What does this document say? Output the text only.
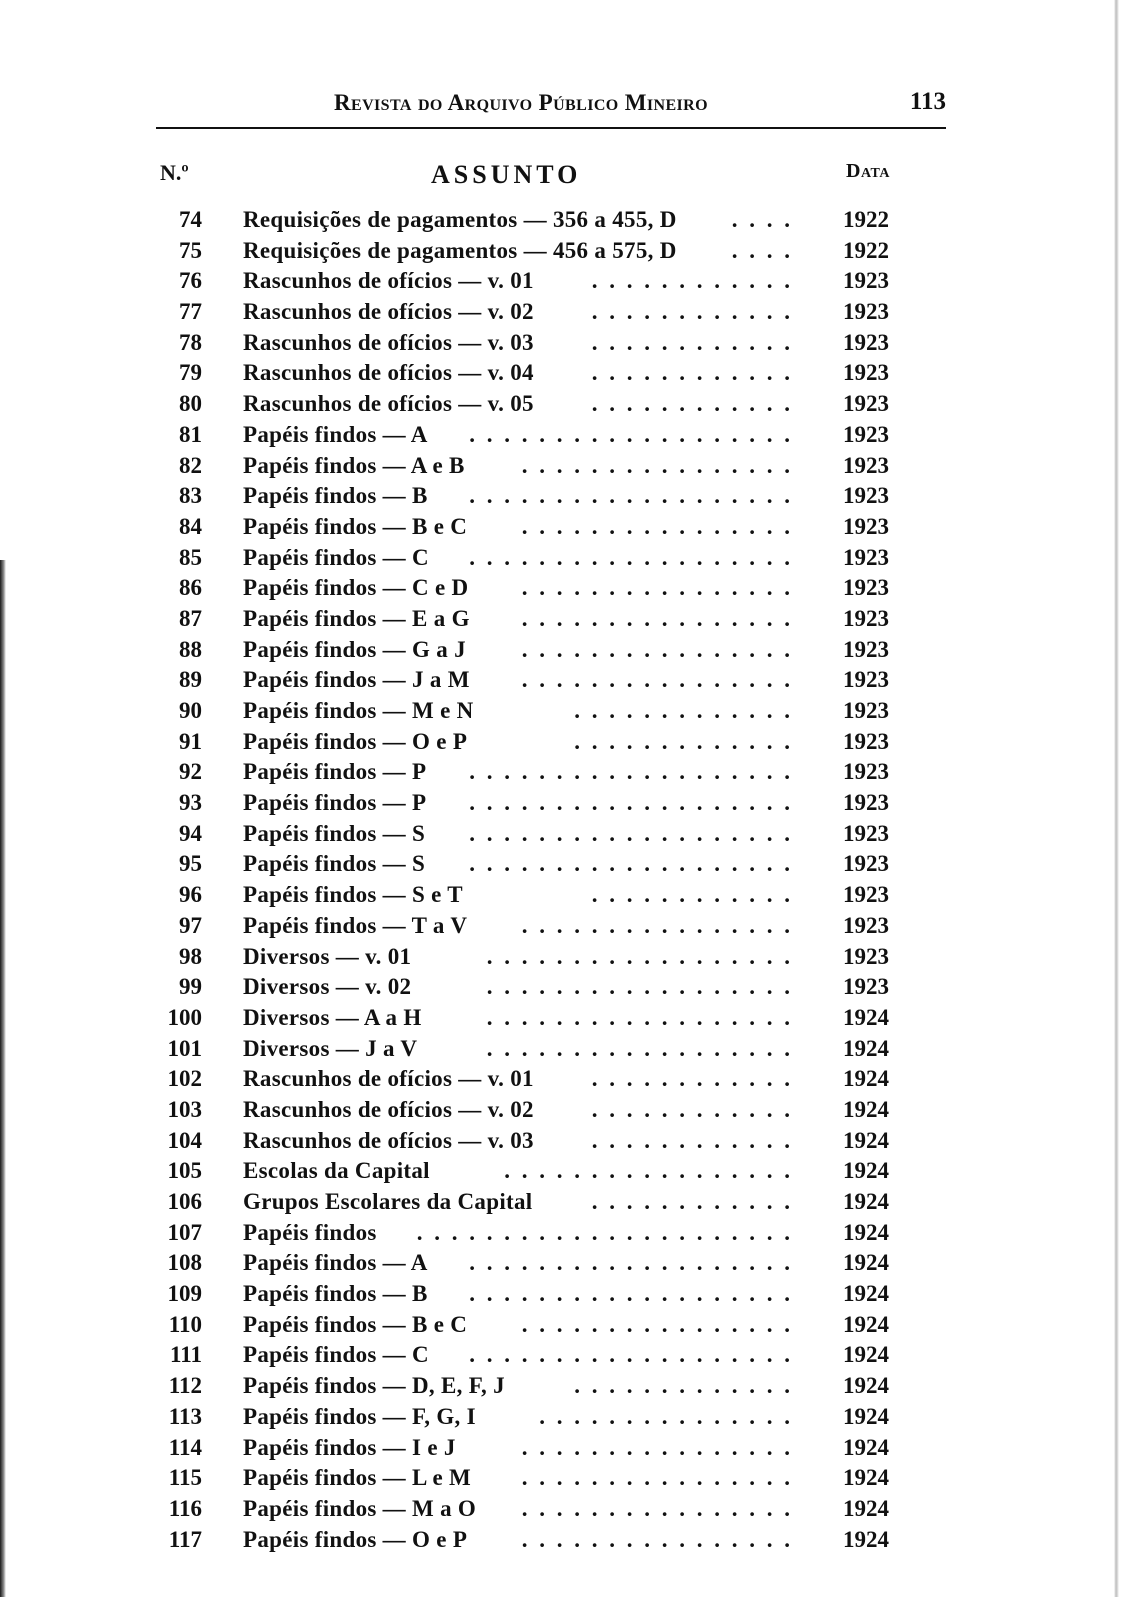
Revista do Arquivo Público Mineiro	113
N.º	ASSUNTO	Data
74 Requisições de pagamentos — 356 a 455, D . . . . 1922
75 Requisições de pagamentos — 456 a 575, D . . . . 1922
76 Rascunhos de ofícios — v. 01	. . . . . . . . . . . . 1923
77 Rascunhos de ofícios — v. 02	. . . . . . . . . . . . 1923
78 Rascunhos de ofícios — v. 03	. . . . . . . . . . . . 1923
79 Rascunhos de ofícios — v. 04	. . . . . . . . . . . . 1923
80 Rascunhos de ofícios — v. 05	. . . . . . . . . . . . 1923
81 Papéis findos — A . . . . . . . . . . . . . . . . . . . 1923
82 Papéis findos — A e B . . . . . . . . . . . . . . . . 1923
83 Papéis findos — B . . . . . . . . . . . . . . . . . . . 1923
84 Papéis findos — B e C . . . . . . . . . . . . . . . . 1923
85 Papéis findos — C . . . . . . . . . . . . . . . . . . . 1923
86 Papéis findos — C e D . . . . . . . . . . . . . . . . 1923
87 Papéis findos — E a G . . . . . . . . . . . . . . . . 1923
88 Papéis findos — G a J . . . . . . . . . . . . . . . . 1923
89 Papéis findos — J a M . . . . . . . . . . . . . . . . 1923
90 Papéis findos — M e N	. . . . . . . . . . . . . 1923
91 Papéis findos — O e P	. . . . . . . . . . . . . 1923
92 Papéis findos — P . . . . . . . . . . . . . . . . . . . 1923
93 Papéis findos — P . . . . . . . . . . . . . . . . . . . 1923
94 Papéis findos — S . . . . . . . . . . . . . . . . . . . 1923
95 Papéis findos — S . . . . . . . . . . . . . . . . . . . 1923
96 Papéis findos — S e T	. . . . . . . . . . . . 1923
97 Papéis findos — T a V . . . . . . . . . . . . . . . . 1923
98 Diversos — v. 01	. . . . . . . . . . . . . . . . . . 1923
99 Diversos — v. 02	. . . . . . . . . . . . . . . . . . 1923
100 Diversos — A a H	. . . . . . . . . . . . . . . . . . 1924
101 Diversos — J a V	. . . . . . . . . . . . . . . . . . 1924
102 Rascunhos de ofícios — v. 01	. . . . . . . . . . . . 1924
103 Rascunhos de ofícios — v. 02	. . . . . . . . . . . . 1924
104 Rascunhos de ofícios — v. 03	. . . . . . . . . . . . 1924
105 Escolas da Capital	. . . . . . . . . . . . . . . . . 1924
106 Grupos Escolares da Capital	. . . . . . . . . . . . 1924
107 Papéis findos . . . . . . . . . . . . . . . . . . . . . . 1924
108 Papéis findos — A . . . . . . . . . . . . . . . . . . . 1924
109 Papéis findos — B . . . . . . . . . . . . . . . . . . . 1924
110 Papéis findos — B e C . . . . . . . . . . . . . . . . 1924
111 Papéis findos — C . . . . . . . . . . . . . . . . . . . 1924
112 Papéis findos — D, E, F, J	. . . . . . . . . . . . . 1924
113 Papéis findos — F, G, I	. . . . . . . . . . . . . . . 1924
114 Papéis findos — I e J	. . . . . . . . . . . . . . . . 1924
115 Papéis findos — L e M . . . . . . . . . . . . . . . . 1924
116 Papéis findos — M a O . . . . . . . . . . . . . . . . 1924
117 Papéis findos — O e P . . . . . . . . . . . . . . . . 1924
